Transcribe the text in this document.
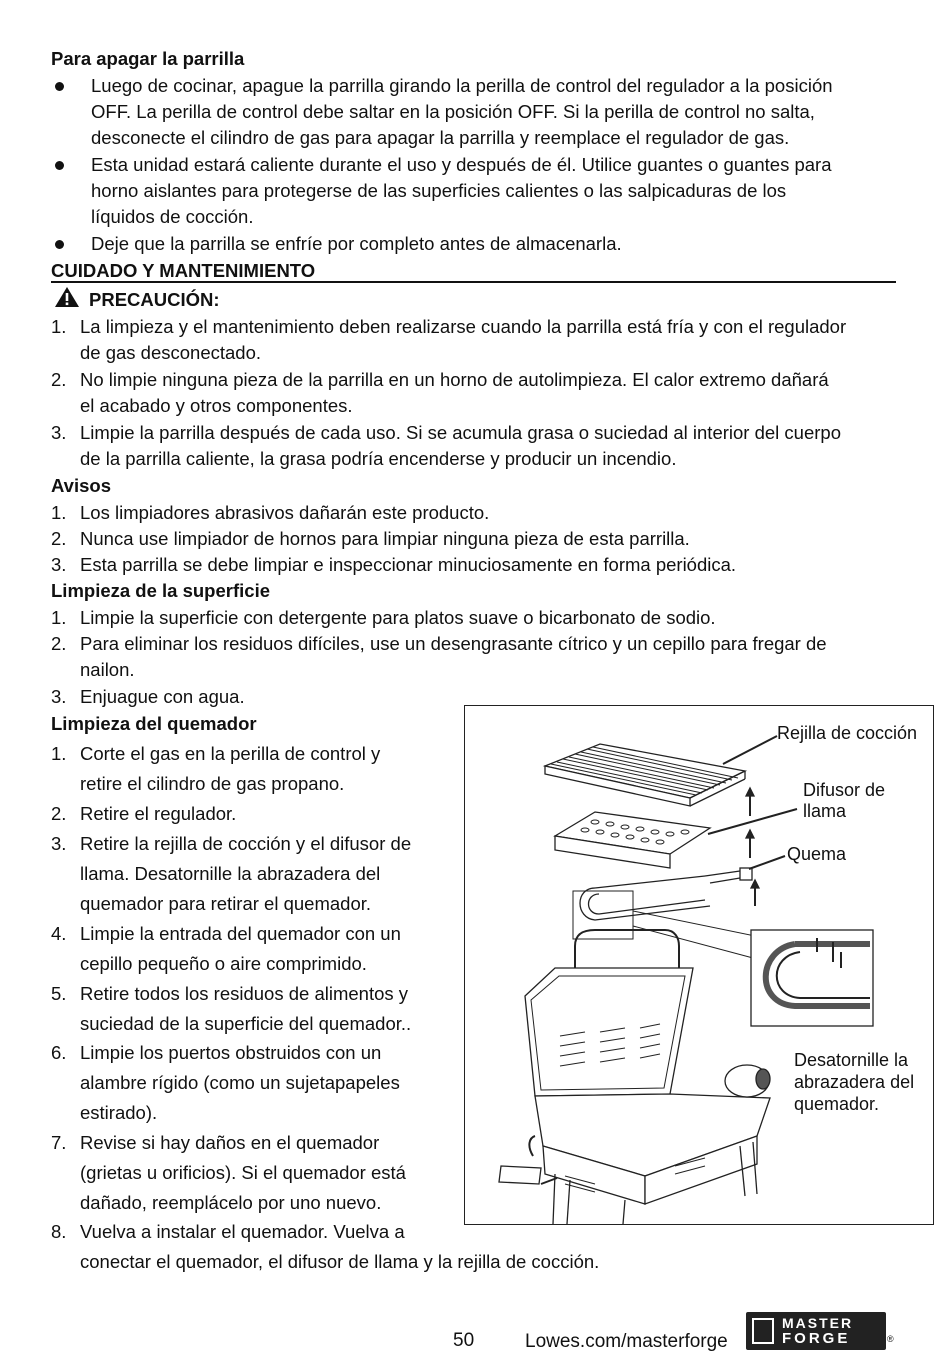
Para apagar la parrilla
Luego de cocinar, apague la parrilla girando la perilla de control del regulador a la posición
OFF. La perilla de control debe saltar en la posición OFF. Si la perilla de control no salta,
desconecte el cilindro de gas para apagar la parrilla y reemplace el regulador de gas.
Esta unidad estará caliente durante el uso y después de él. Utilice guantes o guantes para
horno aislantes para protegerse de las superficies calientes o las salpicaduras de los
líquidos de cocción.
Deje que la parrilla se enfríe por completo antes de almacenarla.
CUIDADO Y MANTENIMIENTO
PRECAUCIÓN:
1. La limpieza y el mantenimiento deben realizarse cuando la parrilla está fría y con el regulador
de gas desconectado.
2. No limpie ninguna pieza de la parrilla en un horno de autolimpieza. El calor extremo dañará
el acabado y otros componentes.
3. Limpie la parrilla después de cada uso. Si se acumula grasa o suciedad al interior del cuerpo
de la parrilla caliente, la grasa podría encenderse y producir un incendio.
Avisos
1. Los limpiadores abrasivos dañarán este producto.
2. Nunca use limpiador de hornos para limpiar ninguna pieza de esta parrilla.
3. Esta parrilla se debe limpiar e inspeccionar minuciosamente en forma periódica.
Limpieza de la superficie
1. Limpie la superficie con detergente para platos suave o bicarbonato de sodio.
2. Para eliminar los residuos difíciles, use un desengrasante cítrico y un cepillo para fregar de
nailon.
3. Enjuague con agua.
Limpieza del quemador
1. Corte el gas en la perilla de control y
retire el cilindro de gas propano.
2. Retire el regulador.
3. Retire la rejilla de cocción y el difusor de
llama. Desatornille la abrazadera del
quemador para retirar el quemador.
4. Limpie la entrada del quemador con un
cepillo pequeño o aire comprimido.
5. Retire todos los residuos de alimentos y
suciedad de la superficie del quemador..
6. Limpie los puertos obstruidos con un
alambre rígido (como un sujetapapeles
estirado).
7. Revise si hay daños en el quemador
(grietas u orificios). Si el quemador está
dañado, reemplácelo por uno nuevo.
8. Vuelva a instalar el quemador. Vuelva a
conectar el quemador, el difusor de llama y la rejilla de cocción.
Rejilla de cocción
Difusor de
llama
Quema
Desatornille la
abrazadera del
quemador.
50	Lowes.com/masterforge
MASTER
FORGE	®
